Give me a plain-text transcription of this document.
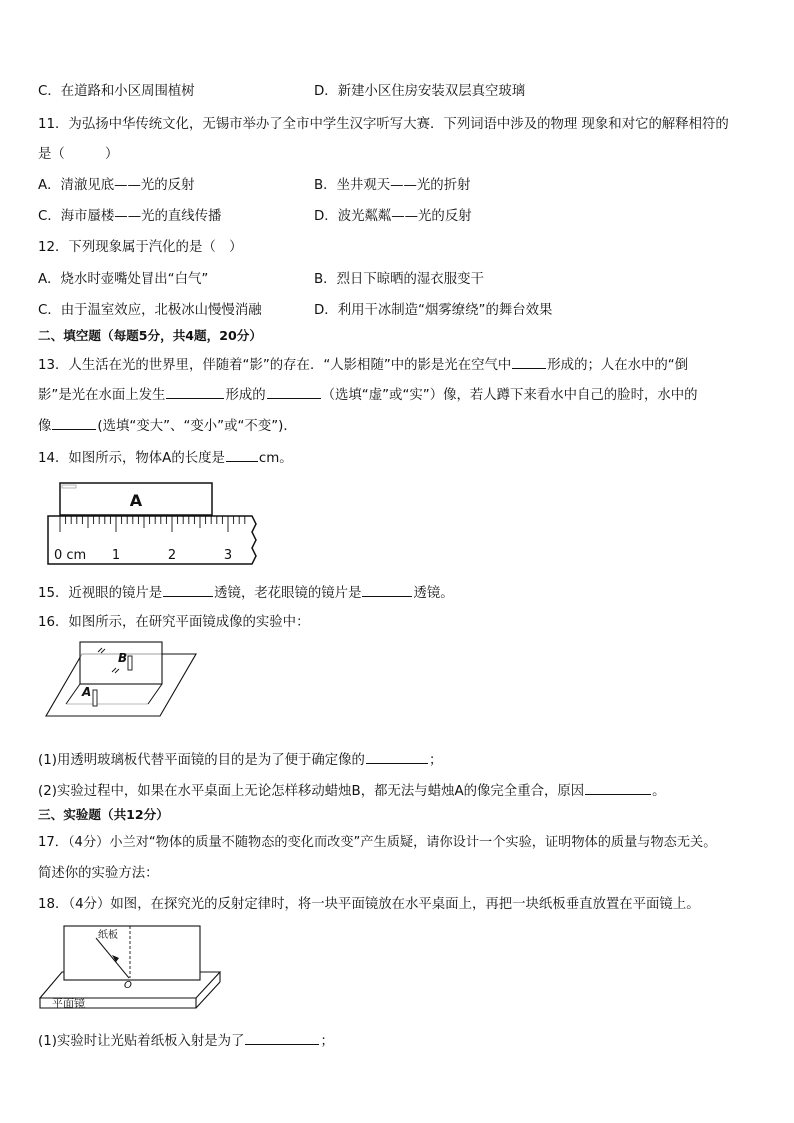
C．在道路和小区周围植树	D．新建小区住房安装双层真空玻璃
11．为弘扬中华传统文化，无锡市举办了全市中学生汉字听写大赛．下列词语中涉及的物理 现象和对它的解释相符的
是（　　　）
A．清澈见底——光的反射	B．坐井观天——光的折射
C．海市蜃楼——光的直线传播	D．波光粼粼——光的反射
12．下列现象属于汽化的是（　）
A．烧水时壶嘴处冒出“白气”	B．烈日下晾晒的湿衣服变干
C．由于温室效应，北极冰山慢慢消融	D．利用干冰制造“烟雾缭绕”的舞台效果
二、填空题（每题5分，共4题，20分）
13．人生活在光的世界里，伴随着“影”的存在．“人影相随”中的影是光在空气中	形成的；人在水中的“倒
影”是光在水面上发生	形成的	（选填“虚”或“实”）像，若人蹲下来看水中自己的脸时，水中的
像	(选填“变大”、“变小”或“不变”)．
14．如图所示，物体A的长度是	cm。
A
0 cm 1	2	3
15．近视眼的镜片是	透镜，老花眼镜的镜片是	透镜。
16．如图所示，在研究平面镜成像的实验中：
B
A
(1)用透明玻璃板代替平面镜的目的是为了便于确定像的	；
(2)实验过程中，如果在水平桌面上无论怎样移动蜡烛B，都无法与蜡烛A的像完全重合，原因	。
三、实验题（共12分）
17．（4分）小兰对“物体的质量不随物态的变化而改变”产生质疑，请你设计一个实验，证明物体的质量与物态无关。
简述你的实验方法：
18．（4分）如图，在探究光的反射定律时，将一块平面镜放在水平桌面上，再把一块纸板垂直放置在平面镜上。
纸板
O
平面镜
(1)实验时让光贴着纸板入射是为了	；
